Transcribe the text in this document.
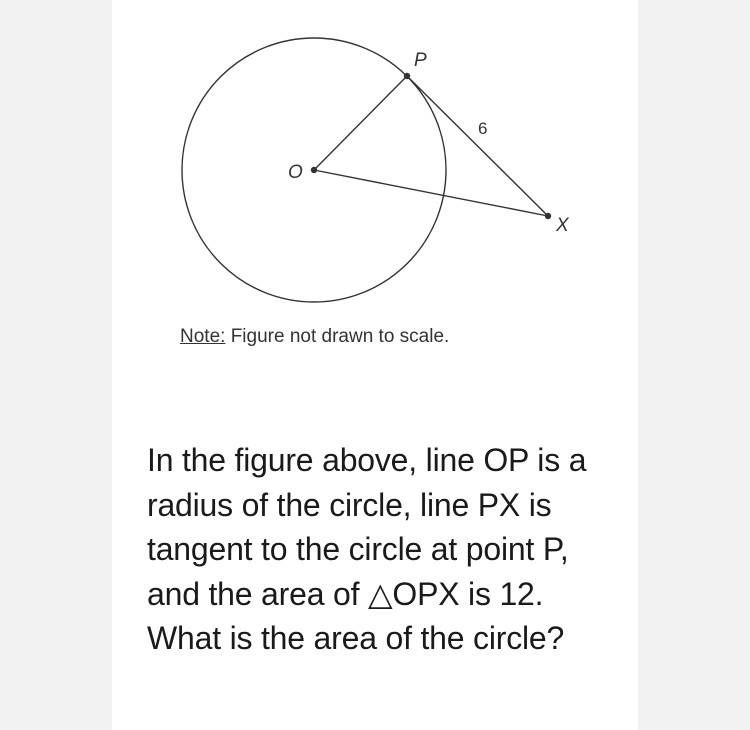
P
O
X
6
Note: Figure not drawn to scale.
In the figure above, line OP is a radius of the circle, line PX is tangent to the circle at point P, and the area of △OPX is 12. What is the area of the circle?
